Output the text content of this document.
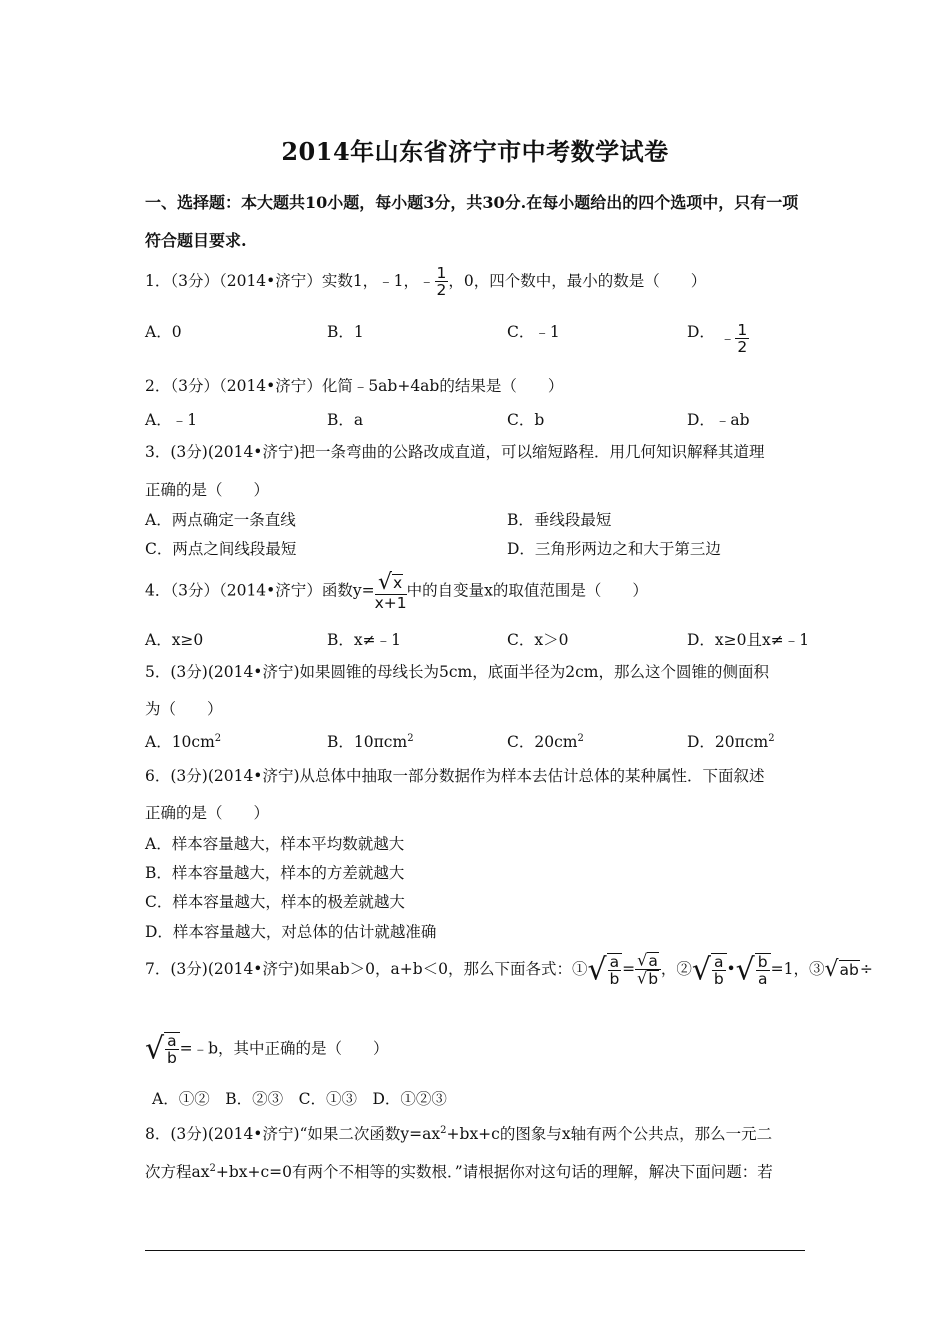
2014年山东省济宁市中考数学试卷
一、选择题：本大题共10小题，每小题3分，共30分.在每小题给出的四个选项中，只有一项
符合题目要求.
1．（3分）（2014•济宁）实数1，﹣1，﹣ $\frac{1}{2}$ ，0，四个数中，最小的数是（　　）
A．0	B．1	C．﹣1	D． ﹣ $\frac{1}{2}$
2．（3分）（2014•济宁）化简﹣5ab+4ab的结果是（　　）
A．﹣1	B．a	C．b	D．﹣ab
3．(3分)(2014•济宁)把一条弯曲的公路改成直道，可以缩短路程．用几何知识解释其道理
正确的是（　　）
A．两点确定一条直线	B．垂线段最短
C．两点之间线段最短	D．三角形两边之和大于第三边
4．（3分）（2014•济宁）函数$y= \frac{√x}{x+1}$ 中的自变量x的取值范围是（　　）
A．x≥0	B．x≠﹣1	C．x＞0	D．x≥0且x≠﹣1
5．(3分)(2014•济宁)如果圆锥的母线长为5cm，底面半径为2cm，那么这个圆锥的侧面积
为（　　）
A．$10cm^2$	B．10πcm$^2$	C．$20cm^2$	D．20πcm$^2$
6．(3分)(2014•济宁)从总体中抽取一部分数据作为样本去估计总体的某种属性．下面叙述
正确的是（　　）
A．样本容量越大，样本平均数就越大
B．样本容量越大，样本的方差就越大
C．样本容量越大，样本的极差就越大
D．样本容量越大，对总体的估计就越准确
7．(3分)(2014•济宁)如果ab＞0，a+b＜0，那么下面各式：①√ $\frac{a}{b} = \frac{√a}{√b}$ ，②√ $\frac{a}{b}$ •√ $\frac{b}{a} =1$，③√ab÷
√ $\frac{a}{b}$ =﹣b，其中正确的是（　　）
A．①②　B．②③　C．①③　D．①②③
8．(3分)(2014•济宁)“如果二次函数$y=ax^2+bx+c$的图象与x轴有两个公共点，那么一元二
次方程$ax^2+bx+c=0$有两个不相等的实数根．”请根据你对这句话的理解，解决下面问题：若
